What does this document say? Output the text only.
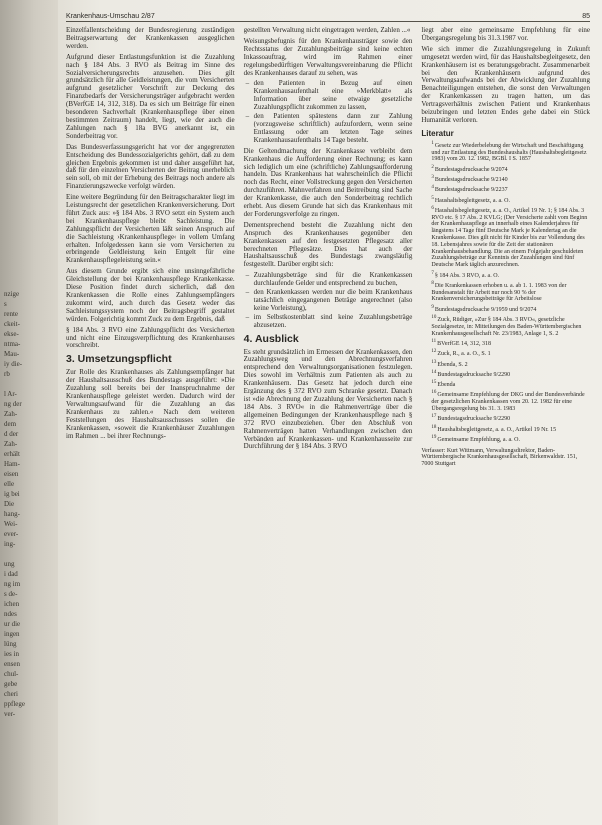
nzige
s
rente
ckeit-
ekse-
ntma-
Mau-
iy die-
rb
l Ar-
ng der
Zah-
dem
d der
Zah-
erhält
Ham-
eisen
elle
ig bei
Die
hang-
Wei-
ever-
ing-
ung
i dad
ng im
s de-
ichen
ndes
ur die
ingen
lüng
ies in
ensen
chul-
gebe
cheri
ppflege
ver-
Krankenhaus-Umschau 2/87	85

Einzelfallentscheidung der Bundesregierung zuständigen Beitragserwartung der Krankenkassen ausgeglichen werden.

Aufgrund dieser Entlastungsfunktion ist die Zuzahlung nach § 184 Abs. 3 RVO als Beitrag im Sinne des Sozialversicherungsrechts anzusehen. Dies gilt grundsätzlich für alle Geldleistungen, die vom Versicherten aufgrund gesetzlicher Vorschrift zur Deckung des Finanzbedarfs der Versicherungsträger aufgebracht werden (BVerfGE 14, 312, 318). Da es sich um Beiträge für einen besonderen Sachverhalt (Krankenhauspflege über einen bestimmten Zeitraum) handelt, liegt, wie der auch die Zahlungen nach § 18a BVG anerkannt ist, ein Sonderbeitrag vor.

Das Bundesverfassungsgericht hat vor der angegrenzten Entscheidung des Bundessozialgerichts gehört, daß zu dem gleichen Ergebnis gekommen ist und daher ausgeführt hat, daß für den einzelnen Versicherten der Beitrag unerheblich sein soll, ob mit der Erhebung des Beitrags noch andere als Finanzierungszwecke verfolgt würden.

Eine weitere Begründung für den Beitragscharakter liegt im Leistungsrecht der gesetzlichen Krankenversicherung. Dort führt Zuck aus: »§ 184 Abs. 3 RVO setzt ein System auch bei Krankenhauspflege bleibt Sachleistung. Die Zahlungspflicht der Versicherten läßt seinen Anspruch auf die Sachleistung ›Krankenhauspflege‹ in vollem Umfang erhalten. Infolgedessen kann sie vom Versicherten zu erbringende Geldleistung kein Entgelt für eine Krankenhauspflegeleistung sein.«

Aus diesem Grunde ergibt sich eine unsinngefährliche Gleichstellung der bei Krankenhauspflege Krankenkasse. Diese Position findet durch sicherlich, daß den Krankenkassen die Rolle eines Zahlungsempfängers zukommt wird, auch durch das Gesetz weder das Sachleistungssystem noch der Beitragsbegriff gestaltet würden. Folgerichtig kommt Zuck zu dem Ergebnis, daß

§ 184 Abs. 3 RVO eine Zahlungspflicht des Versicherten und nicht eine Einzugsverpflichtung des Krankenhauses vorschreibt.

3. Umsetzungspflicht

Zur Rolle des Krankenhauses als Zahlungsempfänger hat der Haushaltsausschuß des Bundestags ausgeführt: »Die Zuzahlung soll bereits bei der Inanspruchnahme der Krankenhauspflege geleistet werden. Dadurch wird der Verwaltungsaufwand für die Zuzahlung an das Krankenhaus zu zahlen.« Nach dem weiteren Feststellungen des Haushaltsausschusses sollen die Krankenkassen, »soweit die Krankenhäuser Zuzahlungen im Rahmen ... bei ihrer Rechnungs-

gestellten Verwaltung nicht eingetragen werden, Zahlen ...«

Weisungsbefugnis für den Krankenhausträger sowie den Rechtsstatus der Zuzahlungsbeiträge sind keine echten Inkassoauftrag, wird im Rahmen einer regelungsbedürftigen Verwaltungsvereinbarung die Pflicht des Krankenhauses darauf zu sehen, was

– den Patienten in Bezug auf einen Krankenhausaufenthalt eine »Merkblatt« als Information über seine etwaige gesetzliche Zuzahlungspflicht zukommen zu lassen,
– den Patienten spätestens dann zur Zahlung (vorzugsweise schriftlich) aufzufordern, wenn seine Entlassung oder am letzten Tage seines Krankenhausaufenthalts 14 Tage besteht.

Die Geltendmachung der Krankenkasse verbleibt dem Krankenhaus die Aufforderung einer Rechnung; es kann sich lediglich um eine (schriftliche) Zahlungsaufforderung handeln. Das Krankenhaus hat wahrscheinlich die Pflicht noch das Recht, einer Vollstreckung gegen den Versicherten durchzuführen. Mahnverfahren und Beitreibung sind Sache der Krankenkasse, die auch den Sonderbeitrag rechtlich erhebt. Aus diesem Grunde hat sich das Krankenhaus mit der Forderungsverfolge zu ringen.

Dementsprechend besteht die Zuzahlung nicht den Anspruch des Krankenhauses gegenüber den Krankenkassen auf den festgesetzten Pflegesatz aller berechneten Pflegesätze. Dies hat auch der Haushaltsausschuß des Bundestags zwangsläufig festgestellt. Darüber ergibt sich:

– Zuzahlungsbeträge sind für die Krankenkassen durchlaufende Gelder und entsprechend zu buchen,
– den Krankenkassen werden nur die beim Krankenhaus tatsächlich eingegangenen Beträge angerechnet (also keine Vorleistung),
– im Selbstkostenblatt sind keine Zuzahlungsbeträge abzusetzen.
4. Ausblick

Es steht grundsätzlich im Ermessen der Krankenkassen, den Zuzahlungsweg und den Abrechnungsverfahren entsprechend den Verwaltungsorganisationen festzulegen. Dies sowohl im Verhältnis zum Patienten als auch zu Krankenhäusern. Das Gesetz hat jedoch durch eine Ergänzung des § 372 RVO zum Schranke gesetzt. Danach ist »die Abrechnung der Zuzahlung der Versicherten nach § 184 Abs. 3 RVO« in die Rahmenverträge über die allgemeinen Bedingungen der Krankenhauspflege nach § 372 RVO einzubeziehen. Über den Abschluß von Rahmenverträgen hatten Verhandlungen zwischen den Verbänden auf Krankenkassen- und Krankenhausseite zur Durchführung der § 184 Abs. 3 RVO

liegt aber eine gemeinsame Empfehlung für eine Übergangsregelung bis 31.3.1987 vor.

Wie sich immer die Zuzahlungsregelung in Zukunft umgesetzt werden wird, für das Haushaltsbegleitgesetz, den Krankenhäusern ist es beratungsgebracht. Zusammenarbeit bei den Krankenhäusern aufgrund des Verwaltungsaufwands bei der Abwicklung der Zuzahlung Benachteiligungen entstehen, die sonst den Verwaltungen der Krankenkassen zu tragen hatten, um das Vertragsverhältnis zwischen Patient und Krankenhaus beizubringen und letzten Endes gehe dabei ein Stück Humanität verloren.

Literatur
$^1$Gesetz zur Wiederbelebung der Wirtschaft und Beschäftigung und zur Entlastung des Bundeshaushalts (Haushaltsbegleitgesetz 1983) vom 20. 12. 1982, BGBl. I S. 1857
$^2$Bundestagsdrucksache 9/2074
$^3$Bundestagsdrucksache 9/2140
$^4$Bundestagsdrucksache 9/2237
$^5$Haushaltsbegleitgesetz, a. a. O.
$^6$Haushaltsbegleitgesetz, a. a. O., Artikel 19 Nr. 1; § 184 Abs. 3 RVO etc. § 17 Abs. 2 KVLG; (Der Versicherte zahlt vom Beginn der Krankenhauspflege an innerhalb eines Kalenderjahres für längstens 14 Tage fünf Deutsche Mark je Kalendertag an die Krankenkasse. Dies gilt nicht für Kinder bis zur Vollendung des 18. Lebensjahres sowie für die Zeit der stationären Krankenhausbehandlung. Die an einem Folgejahr geschuldeten Zuzahlungsbeträge zur Kenntnis der Zuzahlungen sind fünf Deutsche Mark täglich anzurechnen.
$^7$§ 184 Abs. 3 RVO, a. a. O.
$^8$Die Krankenkassen erhoben u. a. ab 1. 1. 1983 von der Bundesanstalt für Arbeit nur noch 90 % der Krankenversicherungsbeiträge für Arbeitslose
$^9$Bundestagsdrucksache 9/1959 und 9/2074
$^{10}$Zuck, Rüdiger, »Zur § 184 Abs. 3 RVO«, gesetzliche Sozialgesetze, in: Mitteilungen des Baden-Württembergischen Krankenhausgesellschaft Nr. 23/1983, Anlage 1, S. 2
$^{11}$BVerfGE 14, 312, 318
$^{12}$Zuck, R., a. a. O., S. 1
$^{13}$Ebenda, S. 2
$^{14}$Bundestagsdrucksache 9/2290
$^{15}$Ebenda
$^{16}$Gemeinsame Empfehlung der DKG und der Bundesverbände der gesetzlichen Krankenkassen vom 20. 12. 1982 für eine Übergangsregelung bis 31. 3. 1983
$^{17}$Bundestagsdrucksache 9/2290
$^{18}$Haushaltsbegleitgesetz, a. a. O., Artikel 19 Nr. 15
$^{19}$Gemeinsame Empfehlung, a. a. O.
Verfasser: Kurt Wittmann, Verwaltungsdirektor, Baden-Württembergische Krankenhausgesellschaft, Birkenwaldstr. 151, 7000 Stuttgart
